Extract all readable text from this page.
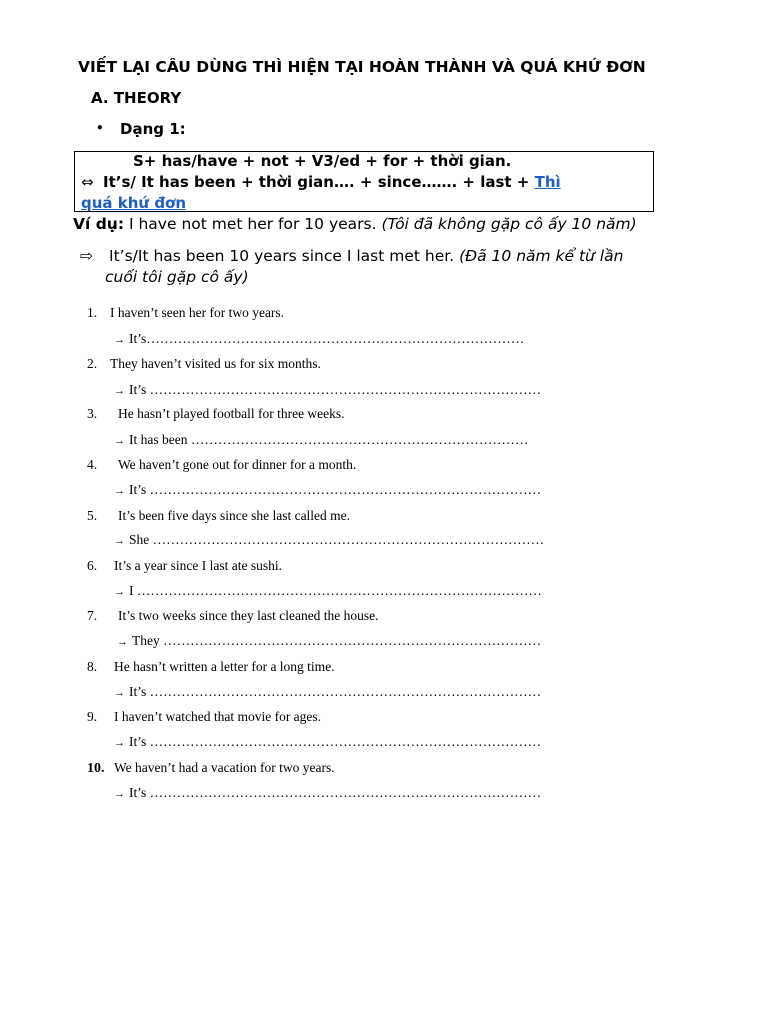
VIẾT LẠI CÂU DÙNG THÌ HIỆN TẠI HOÀN THÀNH VÀ QUÁ KHỨ ĐƠN
A. THEORY
• Dạng 1:
S+ has/have + not + V3/ed + for + thời gian.
⇔ It’s/ It has been + thời gian…. + since……. + last + Thì
quá khứ đơn
Ví dụ: I have not met her for 10 years. (Tôi đã không gặp cô ấy 10 năm)
⇨ It’s/It has been 10 years since I last met her. (Đã 10 năm kể từ lần
cuối tôi gặp cô ấy)
1. I haven’t seen her for two years.
→ It’s…………………………………………………………………………
2. They haven’t visited us for six months.
→ It’s ……………………………………………………………………………
3. He hasn’t played football for three weeks.
→ It has been …………………………………………………………………
4. We haven’t gone out for dinner for a month.
→ It’s ……………………………………………………………………………
5. It’s been five days since she last called me.
→ She ……………………………………………………………………………
6. It’s a year since I last ate sushi.
→ I ………………………………………………………………………………
7. It’s two weeks since they last cleaned the house.
→ They …………………………………………………………………………
8. He hasn’t written a letter for a long time.
→ It’s ……………………………………………………………………………
9. I haven’t watched that movie for ages.
→ It’s ……………………………………………………………………………
10. We haven’t had a vacation for two years.
→ It’s ……………………………………………………………………………
